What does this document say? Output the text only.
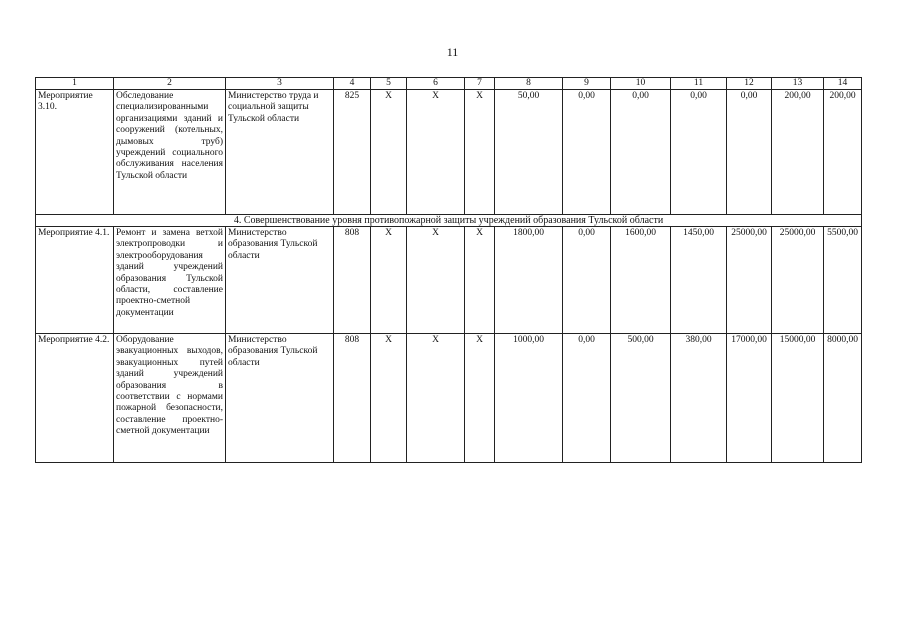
11
1	2	3	4	5	6	7	8	9	10	11	12	13	14
Мероприятие 3.10.	Обследование специализированными организациями зданий и сооружений (котельных, дымовых труб) учреждений социального обслуживания населения Тульской области	Министерство труда и социальной защиты Тульской области	825	Х	Х	Х	50,00	0,00	0,00	0,00	0,00	200,00	200,00
4. Совершенствование уровня противопожарной защиты учреждений образования Тульской области													
Мероприятие 4.1.	Ремонт и замена ветхой электропроводки и электрооборудования зданий учреждений образования Тульской области, составление проектно-сметной документации	Министерство образования Тульской области	808	Х	Х	Х	1800,00	0,00	1600,00	1450,00	25000,00	25000,00	5500,00
Мероприятие 4.2.	Оборудование эвакуационных выходов, эвакуационных путей зданий учреждений образования в соответствии с нормами пожарной безопасности, составление проектно-сметной документации	Министерство образования Тульской области	808	Х	Х	Х	1000,00	0,00	500,00	380,00	17000,00	15000,00	8000,00
